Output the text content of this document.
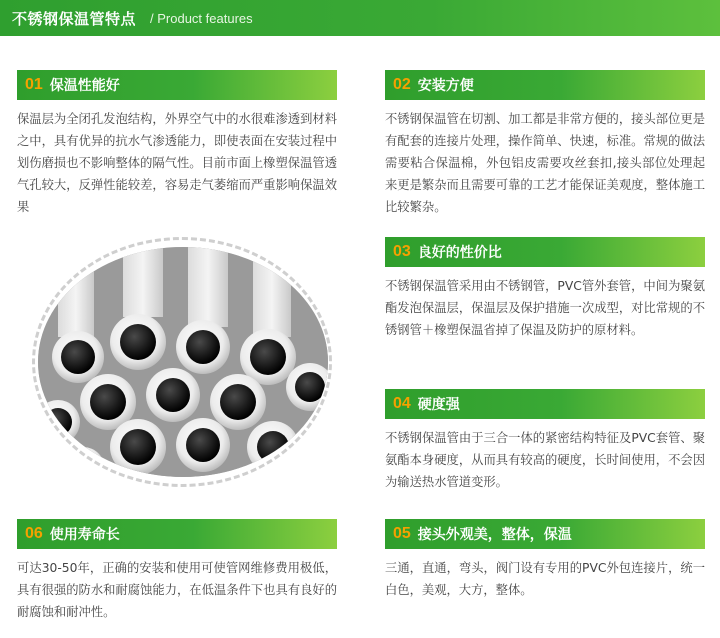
不锈钢保温管特点 / Product features
01 保温性能好
保温层为全闭孔发泡结构，外界空气中的水很难渗透到材料之中，具有优异的抗水气渗透能力，即使表面在安装过程中划伤磨损也不影响整体的隔气性。目前市面上橡塑保温管透气孔较大，反弹性能较差，容易走气萎缩而严重影响保温效果
02 安装方便
不锈钢保温管在切割、加工都是非常方便的，接头部位更是有配套的连接片处理，操作简单、快速，标准。常规的做法需要粘合保温棉，外包铝皮需要攻丝套扣,接头部位处理起来更是繁杂而且需要可靠的工艺才能保证美观度，整体施工比较繁杂。
03 良好的性价比
不锈钢保温管采用由不锈钢管，PVC管外套管，中间为聚氨酯发泡保温层，保温层及保护措施一次成型，对比常规的不锈钢管＋橡塑保温省掉了保温及防护的原材料。
04 硬度强
不锈钢保温管由于三合一体的紧密结构特征及PVC套管、聚氨酯本身硬度，从而具有较高的硬度，长时间使用，不会因为输送热水管道变形。
05 接头外观美，整体，保温
三通，直通，弯头，阀门设有专用的PVC外包连接片，统一白色，美观，大方，整体。
06 使用寿命长
可达30-50年，正确的安装和使用可使管网维修费用极低，具有很强的防水和耐腐蚀能力，在低温条件下也具有良好的耐腐蚀和耐冲性。
